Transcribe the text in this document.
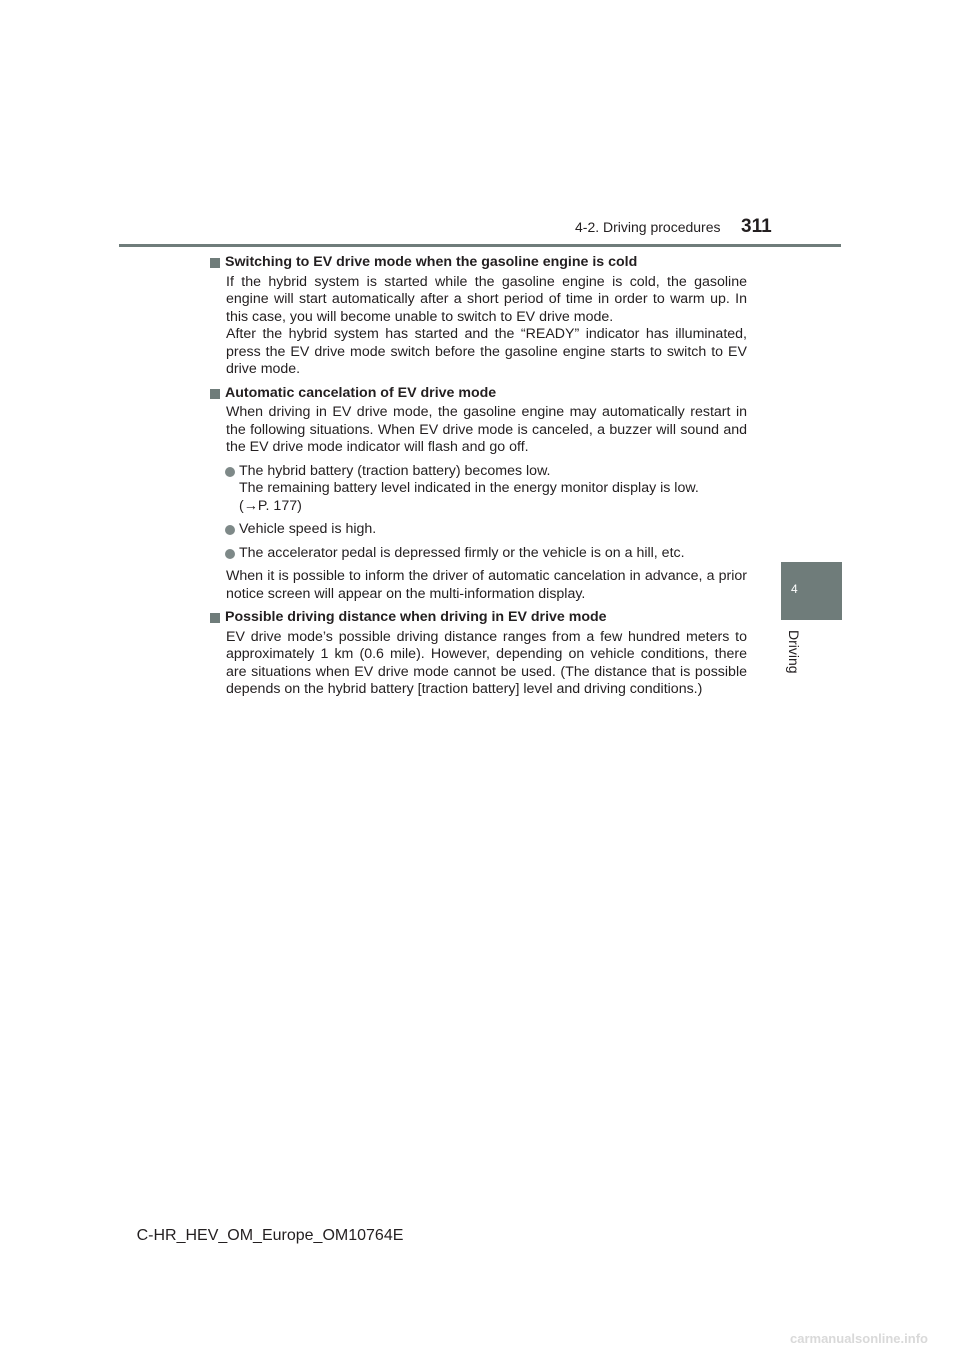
4-2. Driving procedures 311
4
Driving
Switching to EV drive mode when the gasoline engine is cold
If the hybrid system is started while the gasoline engine is cold, the gasoline engine will start automatically after a short period of time in order to warm up. In this case, you will become unable to switch to EV drive mode.
After the hybrid system has started and the “READY” indicator has illuminated, press the EV drive mode switch before the gasoline engine starts to switch to EV drive mode.
Automatic cancelation of EV drive mode
When driving in EV drive mode, the gasoline engine may automatically restart in the following situations. When EV drive mode is canceled, a buzzer will sound and the EV drive mode indicator will flash and go off.
The hybrid battery (traction battery) becomes low.
The remaining battery level indicated in the energy monitor display is low.
(→P. 177)
Vehicle speed is high.
The accelerator pedal is depressed firmly or the vehicle is on a hill, etc.
When it is possible to inform the driver of automatic cancelation in advance, a prior notice screen will appear on the multi-information display.
Possible driving distance when driving in EV drive mode
EV drive mode’s possible driving distance ranges from a few hundred meters to approximately 1 km (0.6 mile). However, depending on vehicle conditions, there are situations when EV drive mode cannot be used. (The distance that is possible depends on the hybrid battery [traction battery] level and driving conditions.)
C-HR_HEV_OM_Europe_OM10764E
carmanualsonline.info
